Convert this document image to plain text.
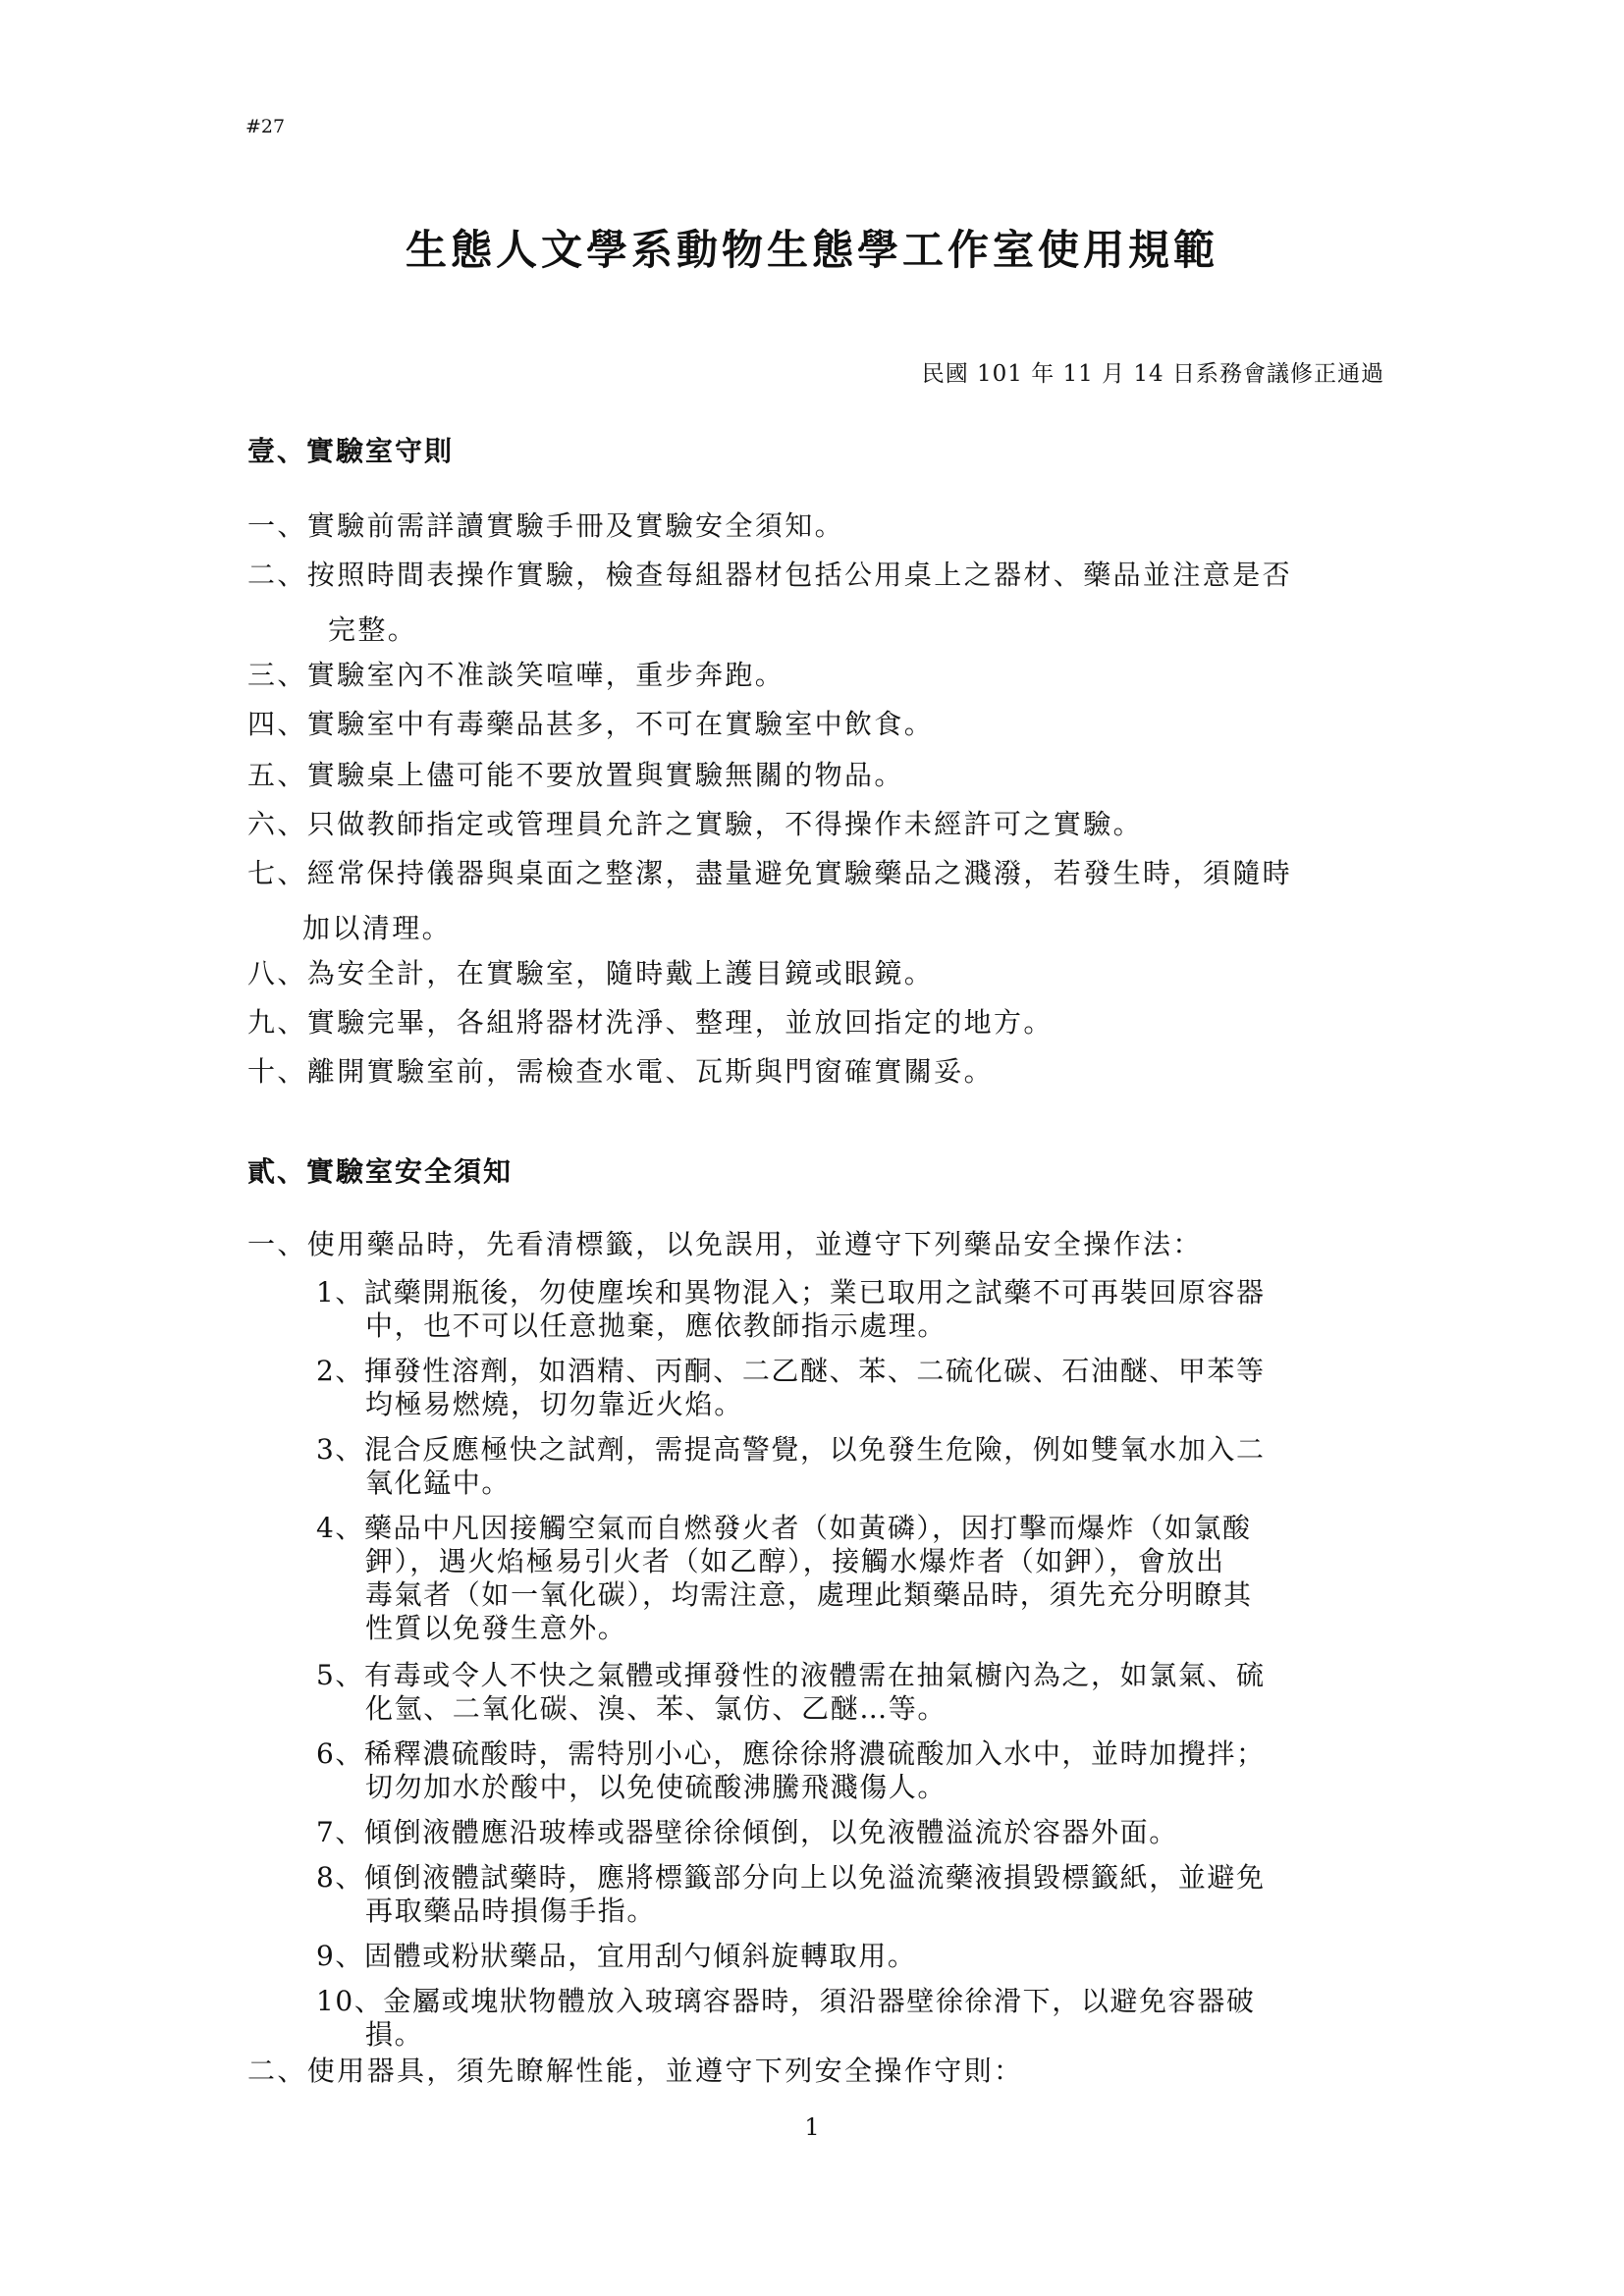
#27
生態人文學系動物生態學工作室使用規範
民國 101 年 11 月 14 日系務會議修正通過
壹、實驗室守則
一、實驗前需詳讀實驗手冊及實驗安全須知。
二、按照時間表操作實驗，檢查每組器材包括公用桌上之器材、藥品並注意是否
完整。
三、實驗室內不准談笑喧嘩，重步奔跑。
四、實驗室中有毒藥品甚多，不可在實驗室中飲食。
五、實驗桌上儘可能不要放置與實驗無關的物品。
六、只做教師指定或管理員允許之實驗，不得操作未經許可之實驗。
七、經常保持儀器與桌面之整潔，盡量避免實驗藥品之濺潑，若發生時，須隨時
加以清理。
八、為安全計，在實驗室，隨時戴上護目鏡或眼鏡。
九、實驗完畢，各組將器材洗淨、整理，並放回指定的地方。
十、離開實驗室前，需檢查水電、瓦斯與門窗確實關妥。
貳、實驗室安全須知
一、使用藥品時，先看清標籤，以免誤用，並遵守下列藥品安全操作法：
1、試藥開瓶後，勿使塵埃和異物混入；業已取用之試藥不可再裝回原容器
中，也不可以任意拋棄，應依教師指示處理。
2、揮發性溶劑，如酒精、丙酮、二乙醚、苯、二硫化碳、石油醚、甲苯等
均極易燃燒，切勿靠近火焰。
3、混合反應極快之試劑，需提高警覺，以免發生危險，例如雙氧水加入二
氧化錳中。
4、藥品中凡因接觸空氣而自燃發火者（如黃磷），因打擊而爆炸（如氯酸
鉀），遇火焰極易引火者（如乙醇），接觸水爆炸者（如鉀），會放出
毒氣者（如一氧化碳），均需注意，處理此類藥品時，須先充分明瞭其
性質以免發生意外。
5、有毒或令人不快之氣體或揮發性的液體需在抽氣櫥內為之，如氯氣、硫
化氫、二氧化碳、溴、苯、氯仿、乙醚…等。
6、稀釋濃硫酸時，需特別小心，應徐徐將濃硫酸加入水中，並時加攪拌；
切勿加水於酸中，以免使硫酸沸騰飛濺傷人。
7、傾倒液體應沿玻棒或器壁徐徐傾倒，以免液體溢流於容器外面。
8、傾倒液體試藥時，應將標籤部分向上以免溢流藥液損毀標籤紙，並避免
再取藥品時損傷手指。
9、固體或粉狀藥品，宜用刮勺傾斜旋轉取用。
10、金屬或塊狀物體放入玻璃容器時，須沿器壁徐徐滑下，以避免容器破
損。
二、使用器具，須先瞭解性能，並遵守下列安全操作守則：
1
